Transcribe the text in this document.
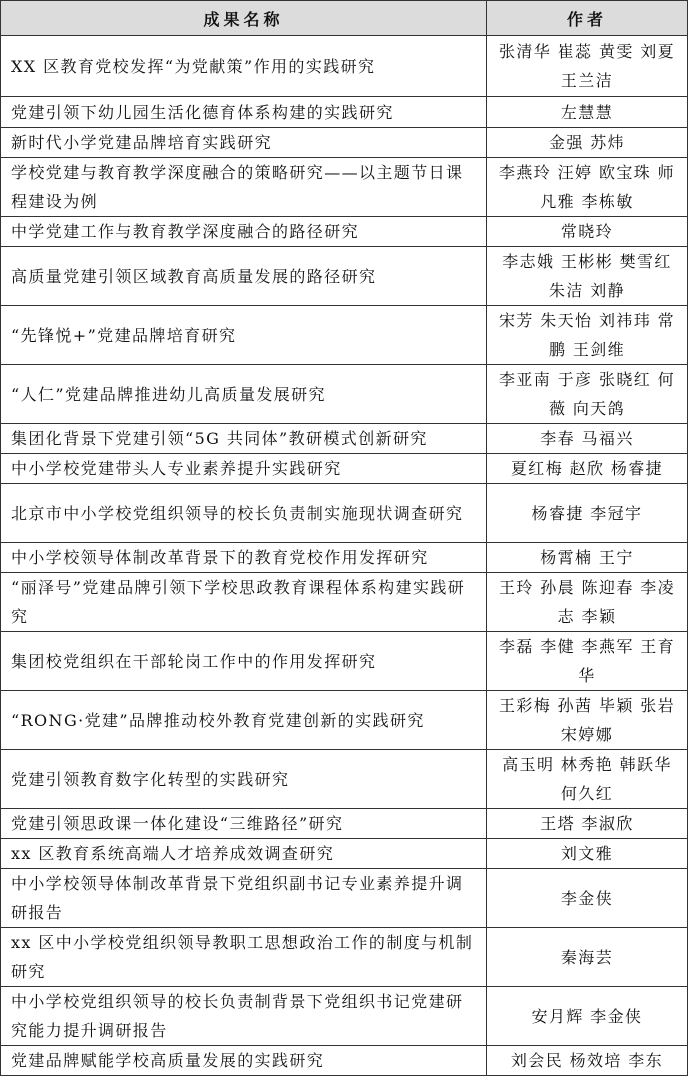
成果名称	作者
XX 区教育党校发挥“为党献策”作用的实践研究	张清华 崔蕊 黄雯 刘夏 王兰洁
党建引领下幼儿园生活化德育体系构建的实践研究	左慧慧
新时代小学党建品牌培育实践研究	金强 苏炜
学校党建与教育教学深度融合的策略研究——以主题节日课程建设为例	李燕玲 汪婷 欧宝珠 师凡雅 李栋敏
中学党建工作与教育教学深度融合的路径研究	常晓玲
高质量党建引领区域教育高质量发展的路径研究	李志娥 王彬彬 樊雪红 朱洁 刘静
“先锋悦+”党建品牌培育研究	宋芳 朱天怡 刘祎玮 常鹏 王剑维
“人仁”党建品牌推进幼儿高质量发展研究	李亚南 于彦 张晓红 何薇 向天鸽
集团化背景下党建引领“5G 共同体”教研模式创新研究	李春 马福兴
中小学校党建带头人专业素养提升实践研究	夏红梅 赵欣 杨睿捷
北京市中小学校党组织领导的校长负责制实施现状调查研究	杨睿捷 李冠宇
中小学校领导体制改革背景下的教育党校作用发挥研究	杨霄楠 王宁
“丽泽号”党建品牌引领下学校思政教育课程体系构建实践研究	王玲 孙晨 陈迎春 李凌志 李颖
集团校党组织在干部轮岗工作中的作用发挥研究	李磊 李健 李燕军 王育华
“RONG·党建”品牌推动校外教育党建创新的实践研究	王彩梅 孙茜 毕颖 张岩 宋婷娜
党建引领教育数字化转型的实践研究	高玉明 林秀艳 韩跃华 何久红
党建引领思政课一体化建设“三维路径”研究	王塔 李淑欣
xx 区教育系统高端人才培养成效调查研究	刘文雅
中小学校领导体制改革背景下党组织副书记专业素养提升调研报告	李金侠
xx 区中小学校党组织领导教职工思想政治工作的制度与机制研究	秦海芸
中小学校党组织领导的校长负责制背景下党组织书记党建研究能力提升调研报告	安月辉 李金侠
党建品牌赋能学校高质量发展的实践研究	刘会民 杨效培 李东
